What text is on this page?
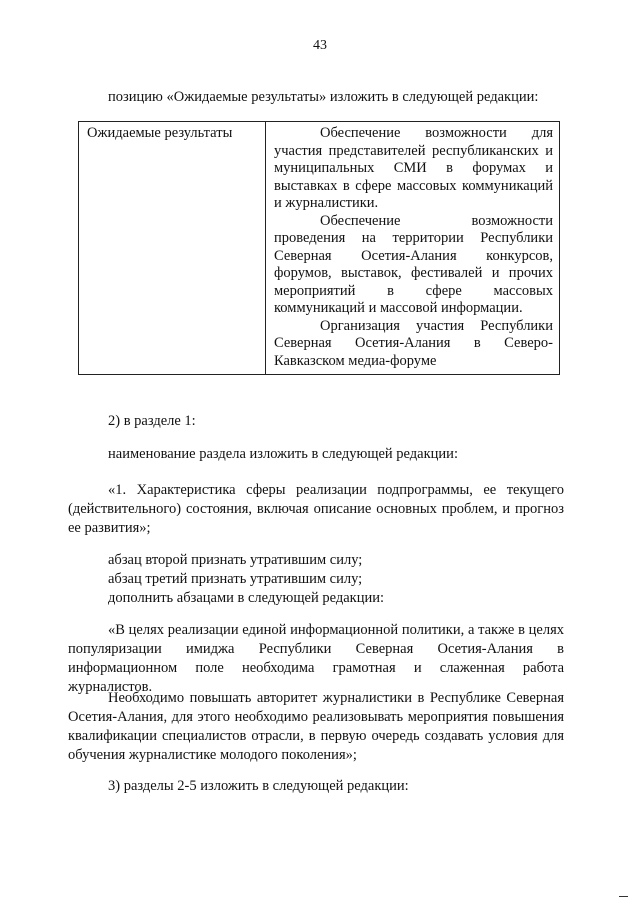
43
позицию «Ожидаемые результаты» изложить в следующей редакции:
Ожидаемые результаты	Обеспечение возможности для участия представителей республиканских и муниципальных СМИ в форумах и выставках в сфере массовых коммуникаций и журналистики.

Обеспечение возможности проведения на территории Республики Северная Осетия-Алания конкурсов, форумов, выставок, фестивалей и прочих мероприятий в сфере массовых коммуникаций и массовой информации.

Организация участия Республики Северная Осетия-Алания в Северо-Кавказском медиа-форуме

2) в разделе 1:
наименование раздела изложить в следующей редакции:
«1. Характеристика сферы реализации подпрограммы, ее текущего (действительного) состояния, включая описание основных проблем, и прогноз ее развития»;
абзац второй признать утратившим силу;
абзац третий признать утратившим силу;
дополнить абзацами в следующей редакции:
«В целях реализации единой информационной политики, а также в целях популяризации имиджа Республики Северная Осетия-Алания в информационном поле необходима грамотная и слаженная работа журналистов.
Необходимо повышать авторитет журналистики в Республике Северная Осетия-Алания, для этого необходимо реализовывать мероприятия повышения квалификации специалистов отрасли, в первую очередь создавать условия для обучения журналистике молодого поколения»;
3) разделы 2-5 изложить в следующей редакции:
